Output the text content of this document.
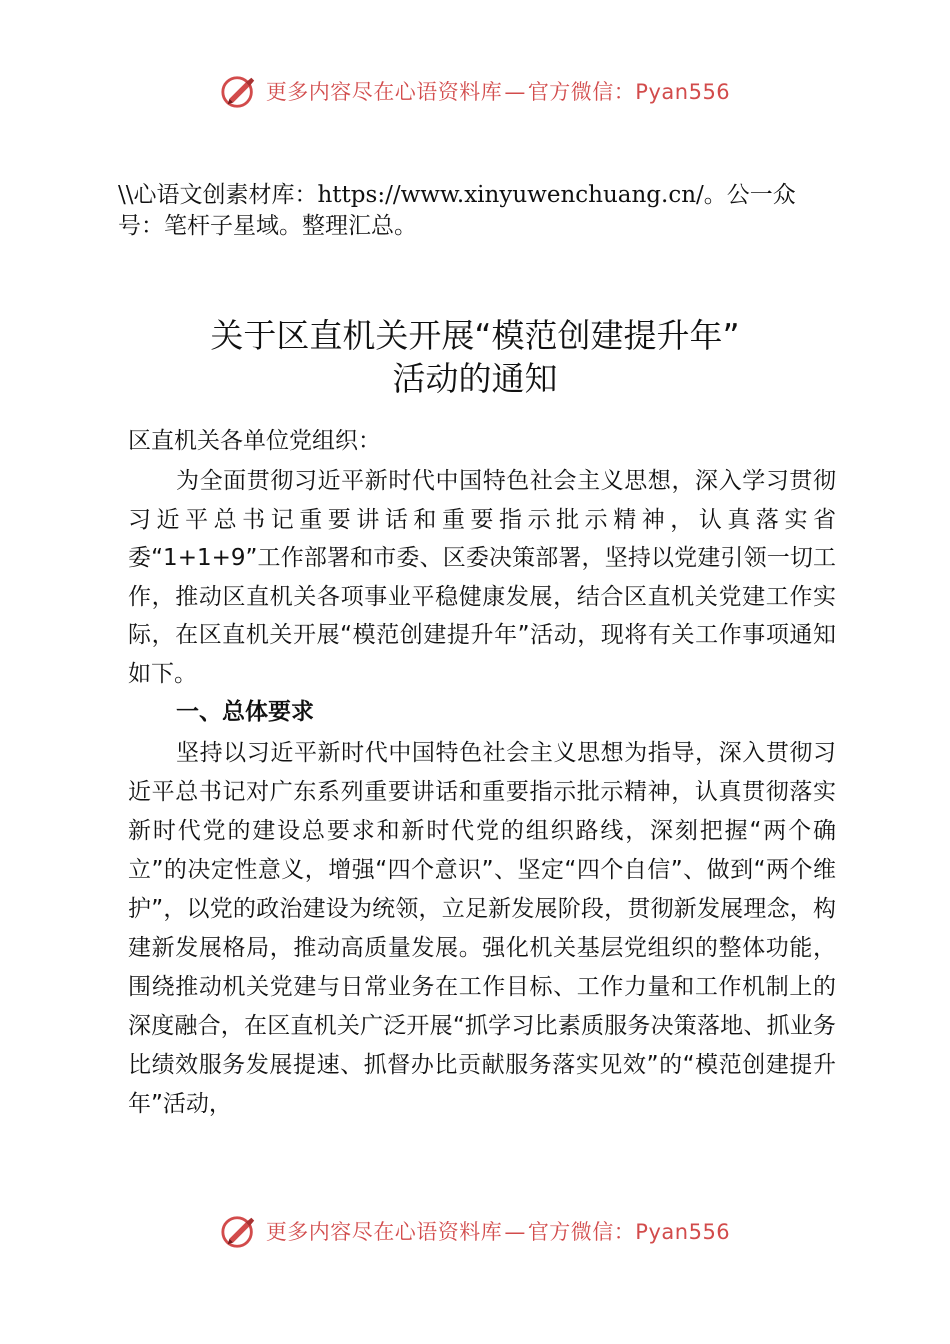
更多内容尽在心语资料库—官方微信：Pyan556
\\心语文创素材库：https://www.xinyuwenchuang.cn/。公一众号：笔杆子星域。整理汇总。
关于区直机关开展“模范创建提升年”
活动的通知
区直机关各单位党组织：

为全面贯彻习近平新时代中国特色社会主义思想，深入学习贯彻习近平总书记重要讲话和重要指示批示精神，认真落实省委“1+1+9”工作部署和市委、区委决策部署，坚持以党建引领一切工作，推动区直机关各项事业平稳健康发展，结合区直机关党建工作实际，在区直机关开展“模范创建提升年”活动，现将有关工作事项通知如下。

一、总体要求

坚持以习近平新时代中国特色社会主义思想为指导，深入贯彻习近平总书记对广东系列重要讲话和重要指示批示精神，认真贯彻落实新时代党的建设总要求和新时代党的组织路线，深刻把握“两个确立”的决定性意义，增强“四个意识”、坚定“四个自信”、做到“两个维护”，以党的政治建设为统领，立足新发展阶段，贯彻新发展理念，构建新发展格局，推动高质量发展。强化机关基层党组织的整体功能，围绕推动机关党建与日常业务在工作目标、工作力量和工作机制上的深度融合，在区直机关广泛开展“抓学习比素质服务决策落地、抓业务比绩效服务发展提速、抓督办比贡献服务落实见效”的“模范创建提升年”活动，

更多内容尽在心语资料库—官方微信：Pyan556
